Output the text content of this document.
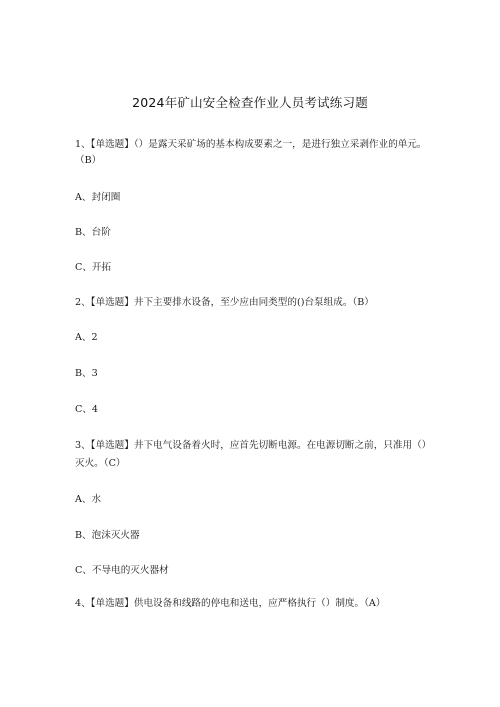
2024年矿山安全检查作业人员考试练习题
1、【单选题】（）是露天采矿场的基本构成要素之一，是进行独立采剥作业的单元。
（B）
A、封闭圈
B、台阶
C、开拓
2、【单选题】井下主要排水设备，至少应由同类型的()台泵组成。（B）
A、2
B、3
C、4
3、【单选题】井下电气设备着火时，应首先切断电源。在电源切断之前，只准用（）
灭火。（C）
A、水
B、泡沫灭火器
C、不导电的灭火器材
4、【单选题】供电设备和线路的停电和送电，应严格执行（）制度。（A）
